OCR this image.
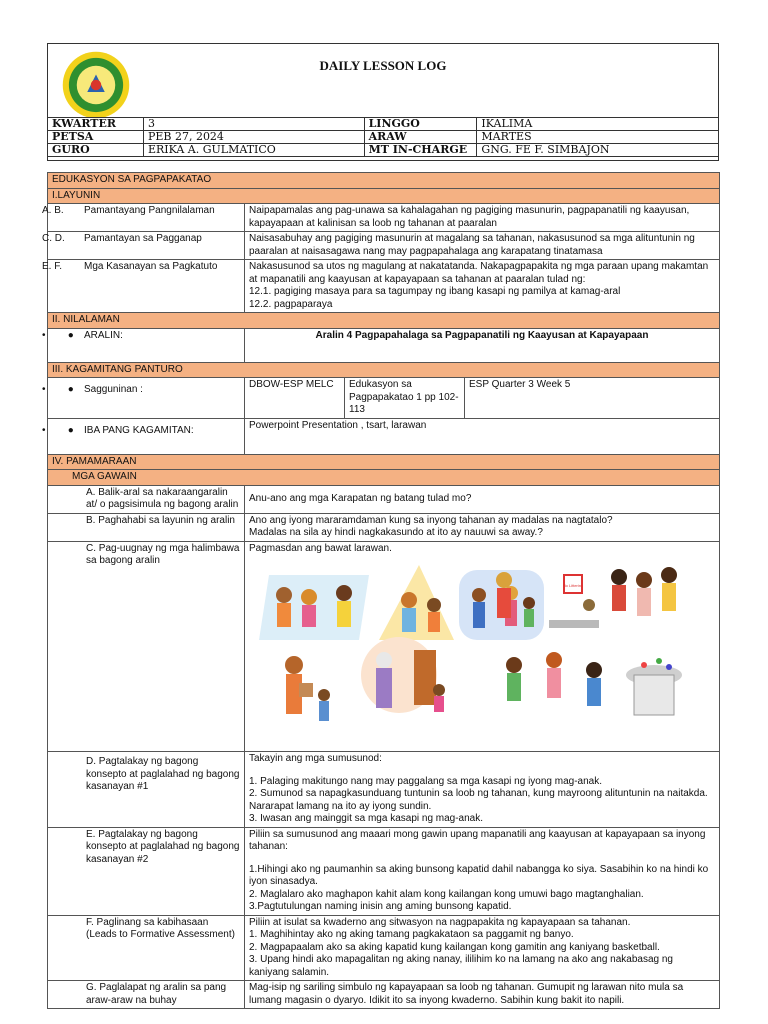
DAILY LESSON LOG
KWARTER	3	LINGGO	IKALIMA
PETSA	PEB 27, 2024	ARAW	MARTES
GURO	ERIKA A. GULMATICO	MT IN-CHARGE	GNG. FE F. SIMBAJON
EDUKASYON SA PAGPAPAKATAO			
I.LAYUNIN			
A. B. Pamantayang Pangnilalaman	Naipapamalas ang pag-unawa sa kahalagahan ng pagiging masunurin, pagpapanatili ng kaayusan, kapayapaan at kalinisan sa loob ng tahanan at paaralan		
C. D. Pamantayan sa Pagganap	Naisasabuhay ang pagiging masunurin at magalang sa tahanan, nakasusunod sa mga alituntunin ng paaralan at naisasagawa nang may pagpapahalaga ang karapatang tinatamasa		
E. F. Mga Kasanayan sa Pagkatuto	Nakasusunod sa utos ng magulang at nakatatanda. Nakapagpapakita ng mga paraan upang makamtan at mapanatili ang kaayusan at kapayapaan sa tahanan at paaralan tulad ng:
12.1. pagiging masaya para sa tagumpay ng ibang kasapi ng pamilya at kamag-aral
12.2. pagpaparaya		

II. NILALAMAN			
•        ● ARALIN:	Aralin 4 Pagpapahalaga sa Pagpapanatili ng Kaayusan at Kapayapaan		
III. KAGAMITANG PANTURO			
•        ● Sagguninan :	DBOW-ESP MELC	Edukasyon sa Pagpapakatao 1 pp 102-113	ESP Quarter 3 Week 5
•        ● IBA PANG KAGAMITAN:	Powerpoint Presentation , tsart, larawan		
IV. PAMAMARAAN			
MGA GAWAIN			
A. Balik-aral sa nakaraangaralin at/ o pagsisimula ng bagong aralin	Anu-ano ang mga Karapatan ng batang tulad mo?		
B. Paghahabi sa layunin ng aralin	Ano ang iyong mararamdaman kung sa inyong tahanan ay madalas na nagtatalo?
Madalas na sila ay hindi nagkakasundo at ito ay nauuwi sa away.?		

C. Pag-uugnay ng mga halimbawa sa bagong aralin	Pagmasdan ang bawat larawan.
No Littering		

D. Pagtalakay ng bagong konsepto at paglalahad ng bagong kasanayan #1	Takayin ang mga sumusunod:
1. Palaging makitungo nang may paggalang sa mga kasapi ng iyong mag-anak.
2. Sumunod sa napagkasunduang tuntunin sa loob ng tahanan, kung mayroong alituntunin na naitakda. Nararapat lamang na ito ay iyong sundin.
3. Iwasan ang mainggit sa mga kasapi ng mag-anak.		

E. Pagtalakay ng bagong konsepto at paglalahad ng bagong kasanayan #2	Piliin sa sumusunod ang maaari mong gawin upang mapanatili ang kaayusan at kapayapaan sa inyong tahanan:
1.Hihingi ako ng paumanhin sa aking bunsong kapatid dahil nabangga ko siya. Sasabihin ko na hindi ko iyon sinasadya.
2. Maglalaro ako maghapon kahit alam kong kailangan kong umuwi bago magtanghalian.
3.Pagtutulungan naming inisin ang aming bunsong kapatid.		

F. Paglinang sa kabihasaan (Leads to Formative Assessment)	Piliin at isulat sa kwaderno ang sitwasyon na nagpapakita ng kapayapaan sa tahanan.
1. Maghihintay ako ng aking tamang pagkakataon sa paggamit ng banyo.
2. Magpapaalam ako sa aking kapatid kung kailangan kong gamitin ang kaniyang basketball.
3. Upang hindi ako mapagalitan ng aking nanay, ililihim ko na lamang na ako ang nakabasag ng kaniyang salamin.		

G. Paglalapat ng aralin sa pang araw-araw na buhay	Mag-isip ng sariling simbulo ng kapayapaan sa loob ng tahanan. Gumupit ng larawan nito mula sa lumang magasin o dyaryo. Idikit ito sa inyong kwaderno. Sabihin kung bakit ito napili.		
